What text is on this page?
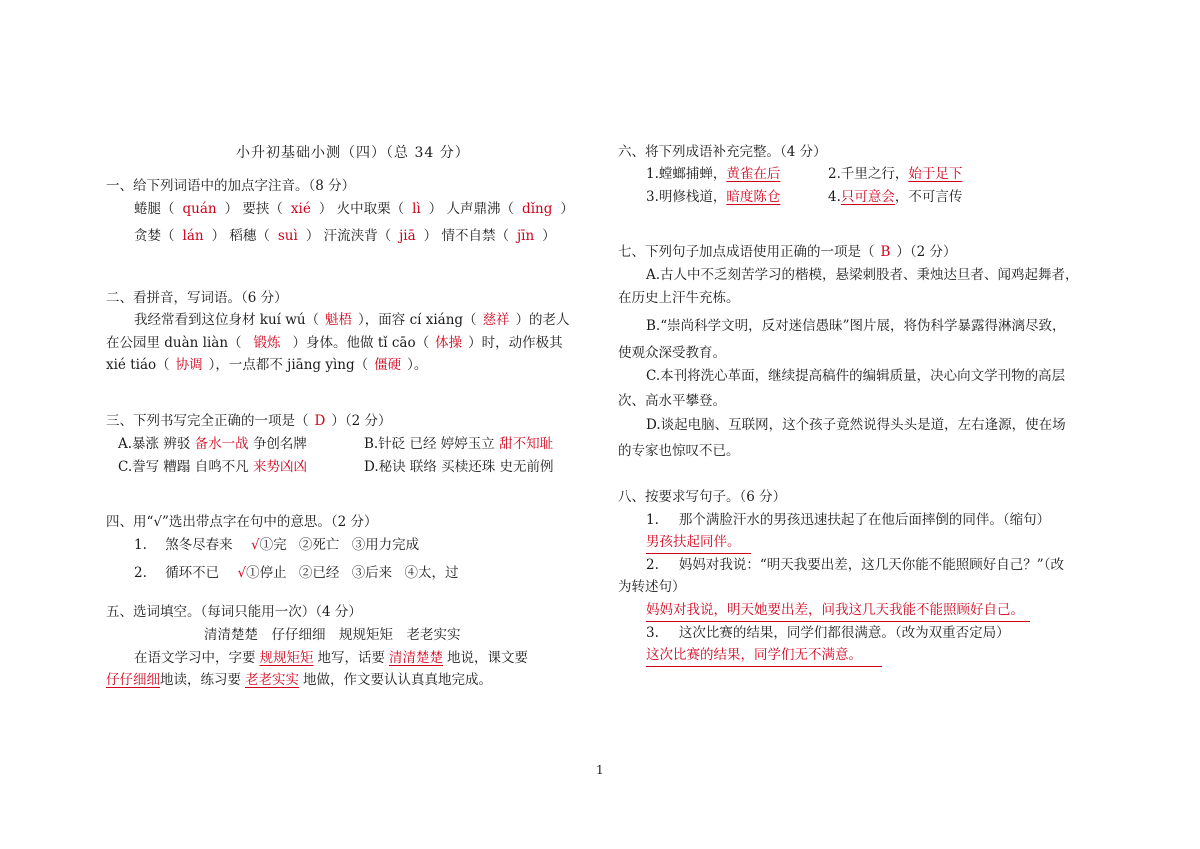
小升初基础小测（四）（总 34 分）
一、给下列词语中的加点字注音。（8 分）
蜷腿（ quán ） 要挟（ xié ） 火中取栗（ lì ） 人声鼎沸（ dǐng ）
贪婪（ lán ） 稻穗（ suì ） 汗流浃背（ jiā ） 情不自禁（ jīn ）
二、看拼音，写词语。（6 分）
我经常看到这位身材 kuí wú（ 魁梧 ），面容 cí xiáng（ 慈祥 ）的老人
在公园里 duàn liàn（ 锻炼 ）身体。他做 tǐ cāo（ 体操 ）时，动作极其
xié tiáo（ 协调 ），一点都不 jiāng yìng（ 僵硬 ）。
三、下列书写完全正确的一项是（ D ）（2 分）
A.暴涨 辨驳 备水一战 争创名牌	B.针砭 已经 婷婷玉立 甜不知耻
C.誊写 糟蹋 自鸣不凡 来势凶凶	D.秘诀 联络 买椟还珠 史无前例
四、用“√”选出带点字在句中的意思。（2 分）
1. 煞冬尽春来 √①完 ②死亡 ③用力完成
2. 循环不已 √①停止 ②已经 ③后来 ④太，过
五、选词填空。（每词只能用一次）（4 分）
清清楚楚　仔仔细细　规规矩矩　老老实实
在语文学习中，字要 规规矩矩 地写，话要 清清楚楚 地说，课文要
仔仔细细地读，练习要 老老实实 地做，作文要认认真真地完成。
六、将下列成语补充完整。（4 分）
1.螳螂捕蝉，黄雀在后	2.千里之行，始于足下
3.明修栈道，暗度陈仓	4.只可意会，不可言传
七、下列句子加点成语使用正确的一项是（ B ）（2 分）
A.古人中不乏刻苦学习的楷模，悬梁刺股者、秉烛达旦者、闻鸡起舞者，
在历史上汗牛充栋。
B.“崇尚科学文明，反对迷信愚昧”图片展，将伪科学暴露得淋漓尽致，
使观众深受教育。
C.本刊将洗心革面，继续提高稿件的编辑质量，决心向文学刊物的高层
次、高水平攀登。
D.谈起电脑、互联网，这个孩子竟然说得头头是道，左右逢源，使在场
的专家也惊叹不已。
八、按要求写句子。（6 分）
1. 那个满脸汗水的男孩迅速扶起了在他后面摔倒的同伴。（缩句）
男孩扶起同伴。
2. 妈妈对我说：“明天我要出差，这几天你能不能照顾好自己？”（改
为转述句）
妈妈对我说，明天她要出差，问我这几天我能不能照顾好自己。
3. 这次比赛的结果，同学们都很满意。（改为双重否定局）
这次比赛的结果，同学们无不满意。
1
